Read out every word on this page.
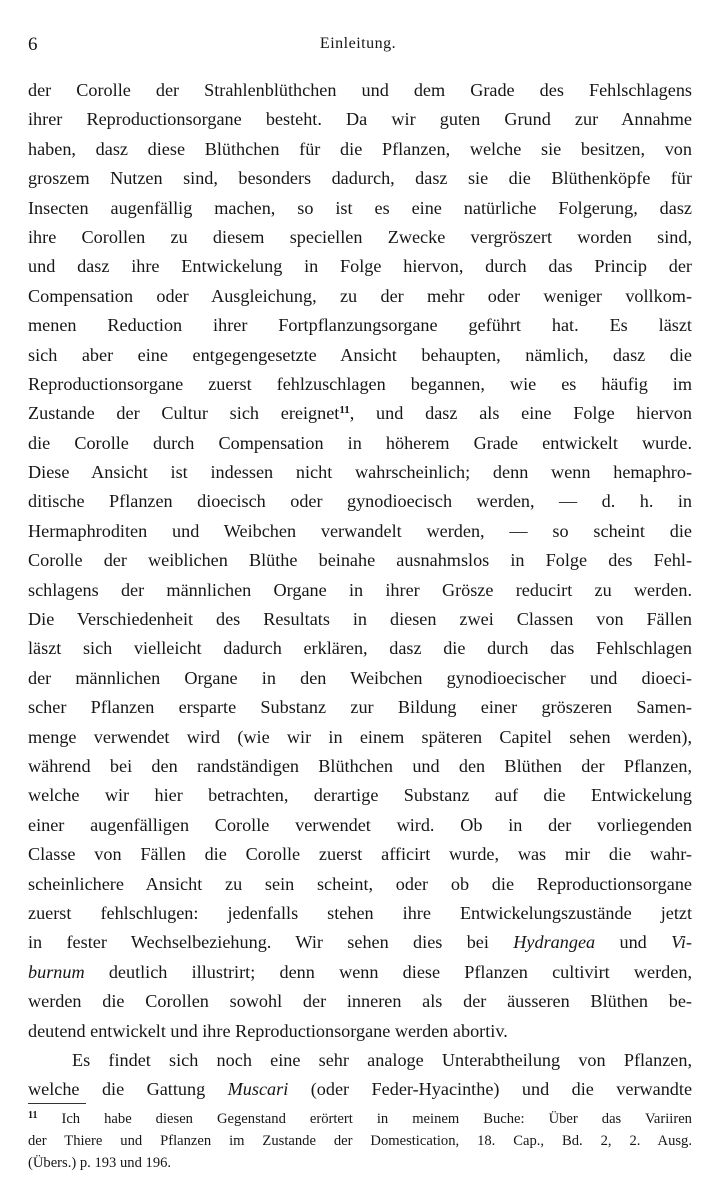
6	Einleitung.
der Corolle der Strahlenblüthchen und dem Grade des Fehlschlagens
ihrer Reproductionsorgane besteht. Da wir guten Grund zur Annahme
haben, dasz diese Blüthchen für die Pflanzen, welche sie besitzen, von
groszem Nutzen sind, besonders dadurch, dasz sie die Blüthenköpfe für
Insecten augenfällig machen, so ist es eine natürliche Folgerung, dasz
ihre Corollen zu diesem speciellen Zwecke vergröszert worden sind,
und dasz ihre Entwickelung in Folge hiervon, durch das Princip der
Compensation oder Ausgleichung, zu der mehr oder weniger vollkom-
menen Reduction ihrer Fortpflanzungsorgane geführt hat. Es läszt
sich aber eine entgegengesetzte Ansicht behaupten, nämlich, dasz die
Reproductionsorgane zuerst fehlzuschlagen begannen, wie es häufig im
Zustande der Cultur sich ereignet$^{11}$, und dasz als eine Folge hiervon
die Corolle durch Compensation in höherem Grade entwickelt wurde.
Diese Ansicht ist indessen nicht wahrscheinlich; denn wenn hemaphro-
ditische Pflanzen dioecisch oder gynodioecisch werden, — d. h. in
Hermaphroditen und Weibchen verwandelt werden, — so scheint die
Corolle der weiblichen Blüthe beinahe ausnahmslos in Folge des Fehl-
schlagens der männlichen Organe in ihrer Grösze reducirt zu werden.
Die Verschiedenheit des Resultats in diesen zwei Classen von Fällen
läszt sich vielleicht dadurch erklären, dasz die durch das Fehlschlagen
der männlichen Organe in den Weibchen gynodioecischer und dioeci-
scher Pflanzen ersparte Substanz zur Bildung einer gröszeren Samen-
menge verwendet wird (wie wir in einem späteren Capitel sehen werden),
während bei den randständigen Blüthchen und den Blüthen der Pflanzen,
welche wir hier betrachten, derartige Substanz auf die Entwickelung
einer augenfälligen Corolle verwendet wird. Ob in der vorliegenden
Classe von Fällen die Corolle zuerst afficirt wurde, was mir die wahr-
scheinlichere Ansicht zu sein scheint, oder ob die Reproductionsorgane
zuerst fehlschlugen: jedenfalls stehen ihre Entwickelungszustände jetzt
in fester Wechselbeziehung. Wir sehen dies bei Hydrangea und Vi-
burnum deutlich illustrirt; denn wenn diese Pflanzen cultivirt werden,
werden die Corollen sowohl der inneren als der äusseren Blüthen be-
deutend entwickelt und ihre Reproductionsorgane werden abortiv.
Es findet sich noch eine sehr analoge Unterabtheilung von Pflanzen,
welche die Gattung Muscari (oder Feder-Hyacinthe) und die verwandte
$^{11}$ Ich habe diesen Gegenstand erörtert in meinem Buche: Über das Variiren
der Thiere und Pflanzen im Zustande der Domestication, 18. Cap., Bd. 2, 2. Ausg.
(Übers.) p. 193 und 196.
